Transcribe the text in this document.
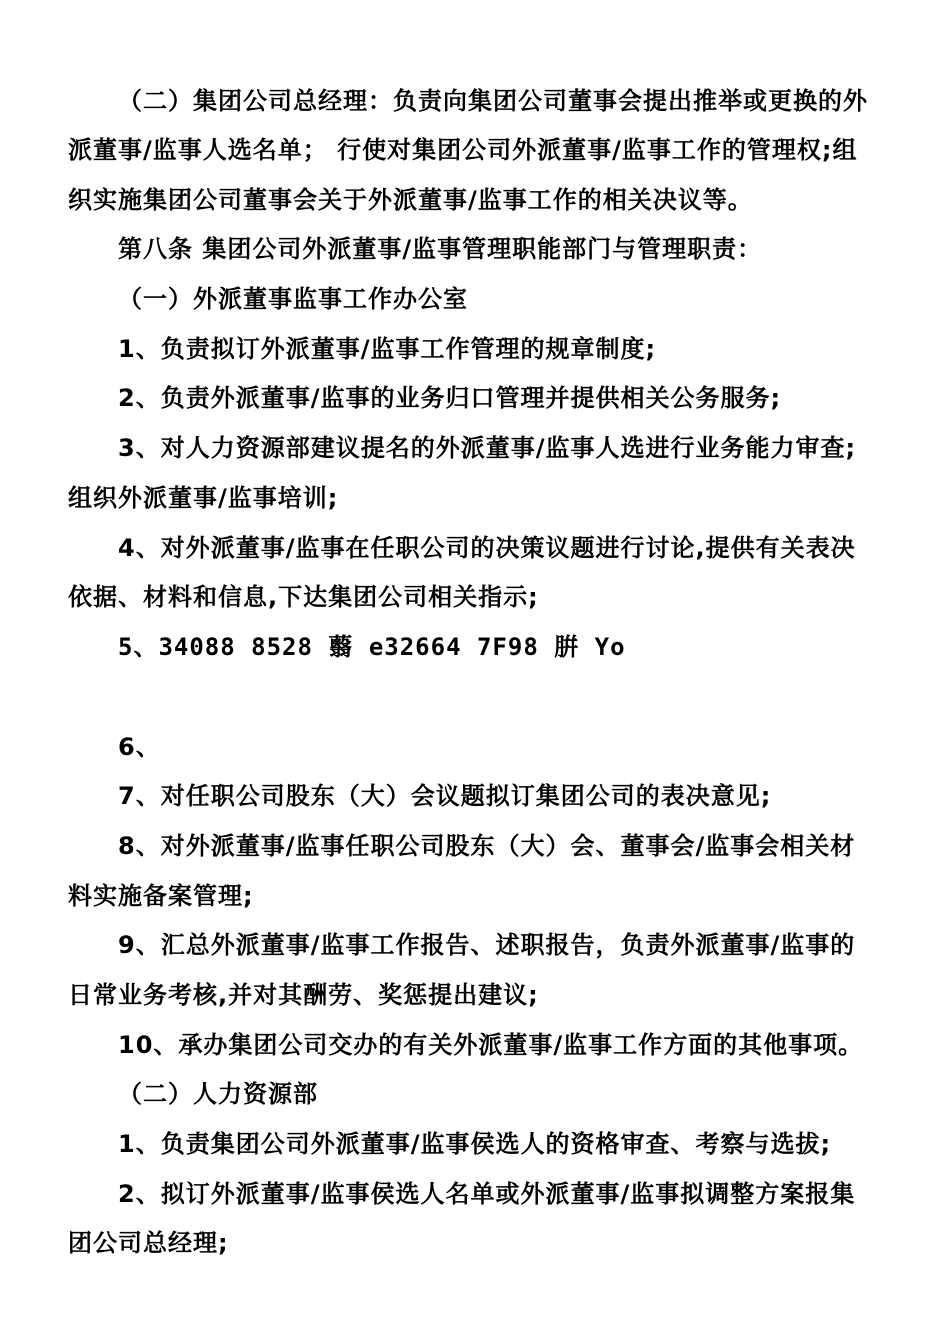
（二）集团公司总经理：负责向集团公司董事会提出推举或更换的外
派董事/监事人选名单； 行使对集团公司外派董事/监事工作的管理权;组
织实施集团公司董事会关于外派董事/监事工作的相关决议等。
第八条 集团公司外派董事/监事管理职能部门与管理职责：
（一）外派董事监事工作办公室
1、负责拟订外派董事/监事工作管理的规章制度;
2、负责外派董事/监事的业务归口管理并提供相关公务服务;
3、对人力资源部建议提名的外派董事/监事人选进行业务能力审查;
组织外派董事/监事培训;
4、对外派董事/监事在任职公司的决策议题进行讨论,提供有关表决
依据、材料和信息,下达集团公司相关指示;
5、34088 8528 蘙 e32664 7F98 腁 Yo
6、
7、对任职公司股东（大）会议题拟订集团公司的表决意见;
8、对外派董事/监事任职公司股东（大）会、董事会/监事会相关材
料实施备案管理;
9、汇总外派董事/监事工作报告、述职报告，负责外派董事/监事的
日常业务考核,并对其酬劳、奖惩提出建议;
10、承办集团公司交办的有关外派董事/监事工作方面的其他事项。
（二）人力资源部
1、负责集团公司外派董事/监事侯选人的资格审查、考察与选拔;
2、拟订外派董事/监事侯选人名单或外派董事/监事拟调整方案报集
团公司总经理;
